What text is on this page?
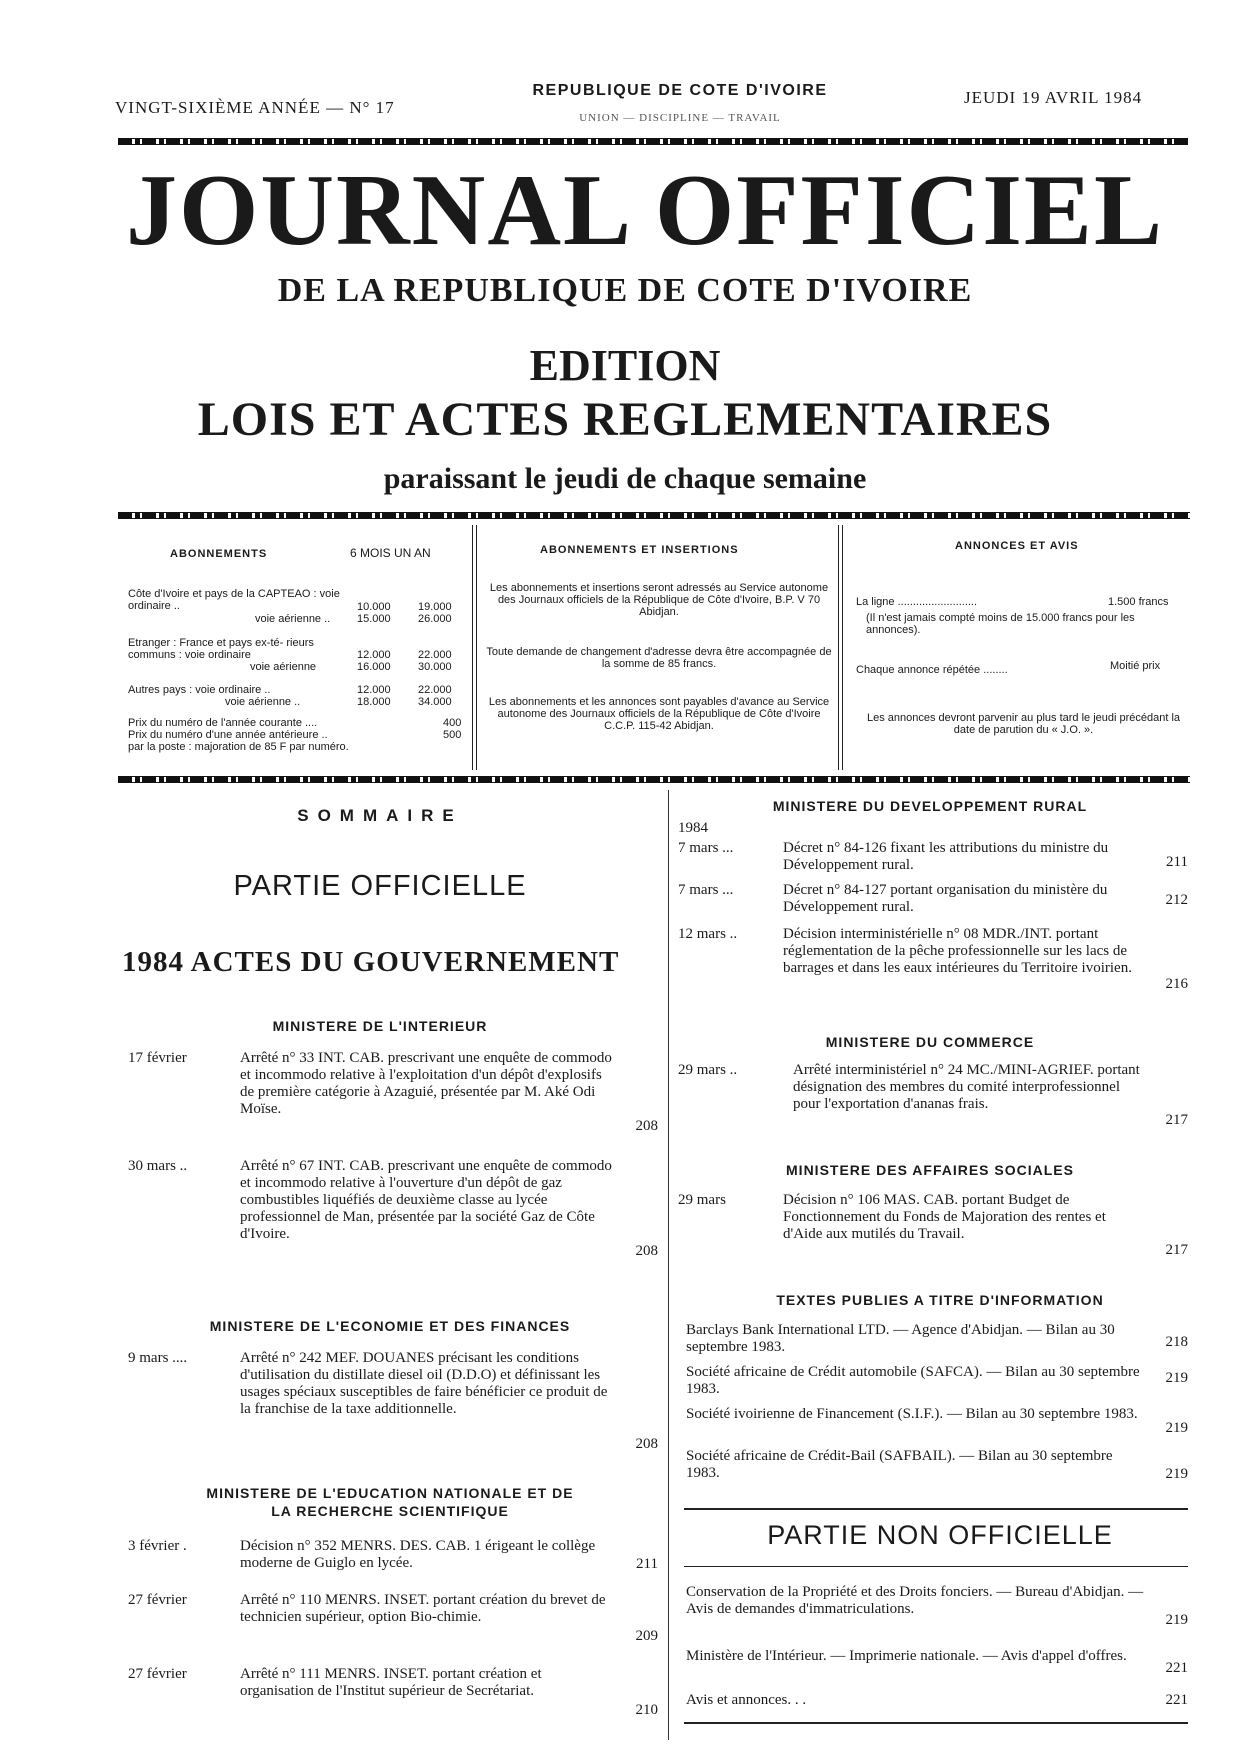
VINGT-SIXIÈME ANNÉE — N° 17
REPUBLIQUE DE COTE D'IVOIRE
UNION — DISCIPLINE — TRAVAIL
JEUDI 19 AVRIL 1984
JOURNAL OFFICIEL
DE LA REPUBLIQUE DE COTE D'IVOIRE
EDITION
LOIS ET ACTES REGLEMENTAIRES
paraissant le jeudi de chaque semaine
ABONNEMENTS	6 MOIS UN AN
Côte d'Ivoire et pays de la CAPTEAO : voie ordinaire ..	10.000 19.000
voie aérienne .. 15.000 26.000
Etranger : France et pays ex-té- rieurs communs : voie ordinaire	12.000 22.000
voie aérienne	16.000 30.000
Autres pays : voie ordinaire ..	12.000 22.000
voie aérienne ..	18.000 34.000
Prix du numéro de l'année courante ....	400
Prix du numéro d'une année antérieure ..	500
par la poste : majoration de 85 F par numéro.
ABONNEMENTS ET INSERTIONS
Les abonnements et insertions seront adressés au Service autonome des Journaux officiels de la République de Côte d'Ivoire, B.P. V 70 Abidjan.
Toute demande de changement d'adresse devra être accompagnée de la somme de 85 francs.
Les abonnements et les annonces sont payables d'avance au Service autonome des Journaux officiels de la République de Côte d'Ivoire C.C.P. 115-42 Abidjan.
ANNONCES ET AVIS
La ligne ..........................	1.500 francs
(Il n'est jamais compté moins de 15.000 francs pour les annonces).
Chaque annonce répétée ........	Moitié prix
Les annonces devront parvenir au plus tard le jeudi précédant la date de parution du « J.O. ».
SOMMAIRE
PARTIE OFFICIELLE
1984 ACTES DU GOUVERNEMENT
MINISTERE DE L'INTERIEUR
17 février	Arrêté n° 33 INT. CAB. prescrivant une enquête de commodo et incommodo relative à l'exploitation d'un dépôt d'explosifs de première catégorie à Azaguié, présentée par M. Aké Odi Moïse.
208
30 mars ..	Arrêté n° 67 INT. CAB. prescrivant une enquête de commodo et incommodo relative à l'ouverture d'un dépôt de gaz combustibles liquéfiés de deuxième classe au lycée professionnel de Man, présentée par la société Gaz de Côte d'Ivoire.
208
MINISTERE DE L'ECONOMIE ET DES FINANCES
9 mars ....	Arrêté n° 242 MEF. DOUANES précisant les conditions d'utilisation du distillate diesel oil (D.D.O) et définissant les usages spéciaux susceptibles de faire bénéficier ce produit de la franchise de la taxe additionnelle.
208
MINISTERE DE L'EDUCATION NATIONALE ET DE LA RECHERCHE SCIENTIFIQUE
3 février .	Décision n° 352 MENRS. DES. CAB. 1 érigeant le collège moderne de Guiglo en lycée.	211
27 février	Arrêté n° 110 MENRS. INSET. portant création du brevet de technicien supérieur, option Bio-chimie.
209
27 février	Arrêté n° 111 MENRS. INSET. portant création et organisation de l'Institut supérieur de Secrétariat.
210
MINISTERE DU DEVELOPPEMENT RURAL
1984
7 mars ...	Décret n° 84-126 fixant les attributions du ministre du Développement rural.	211
7 mars ...	Décret n° 84-127 portant organisation du ministère du Développement rural.	212
12 mars ..	Décision interministérielle n° 08 MDR./INT. portant réglementation de la pêche professionnelle sur les lacs de barrages et dans les eaux intérieures du Territoire ivoirien.
216
MINISTERE DU COMMERCE
29 mars ..	Arrêté interministériel n° 24 MC./MINI-AGRIEF. portant désignation des membres du comité interprofessionnel pour l'exportation d'ananas frais.
217
MINISTERE DES AFFAIRES SOCIALES
29 mars	Décision n° 106 MAS. CAB. portant Budget de Fonctionnement du Fonds de Majoration des rentes et d'Aide aux mutilés du Travail.
217
TEXTES PUBLIES A TITRE D'INFORMATION
Barclays Bank International LTD. — Agence d'Abidjan. — Bilan au 30 septembre 1983.	218
Société africaine de Crédit automobile (SAFCA). — Bilan au 30 septembre 1983.
219
Société ivoirienne de Financement (S.I.F.). — Bilan au 30 septembre 1983.
219
Société africaine de Crédit-Bail (SAFBAIL). — Bilan au 30 septembre 1983.	219
PARTIE NON OFFICIELLE
Conservation de la Propriété et des Droits fonciers. — Bureau d'Abidjan. — Avis de demandes d'immatriculations.
219
Ministère de l'Intérieur. — Imprimerie nationale. — Avis d'appel d'offres.
221
Avis et annonces. . .	221
